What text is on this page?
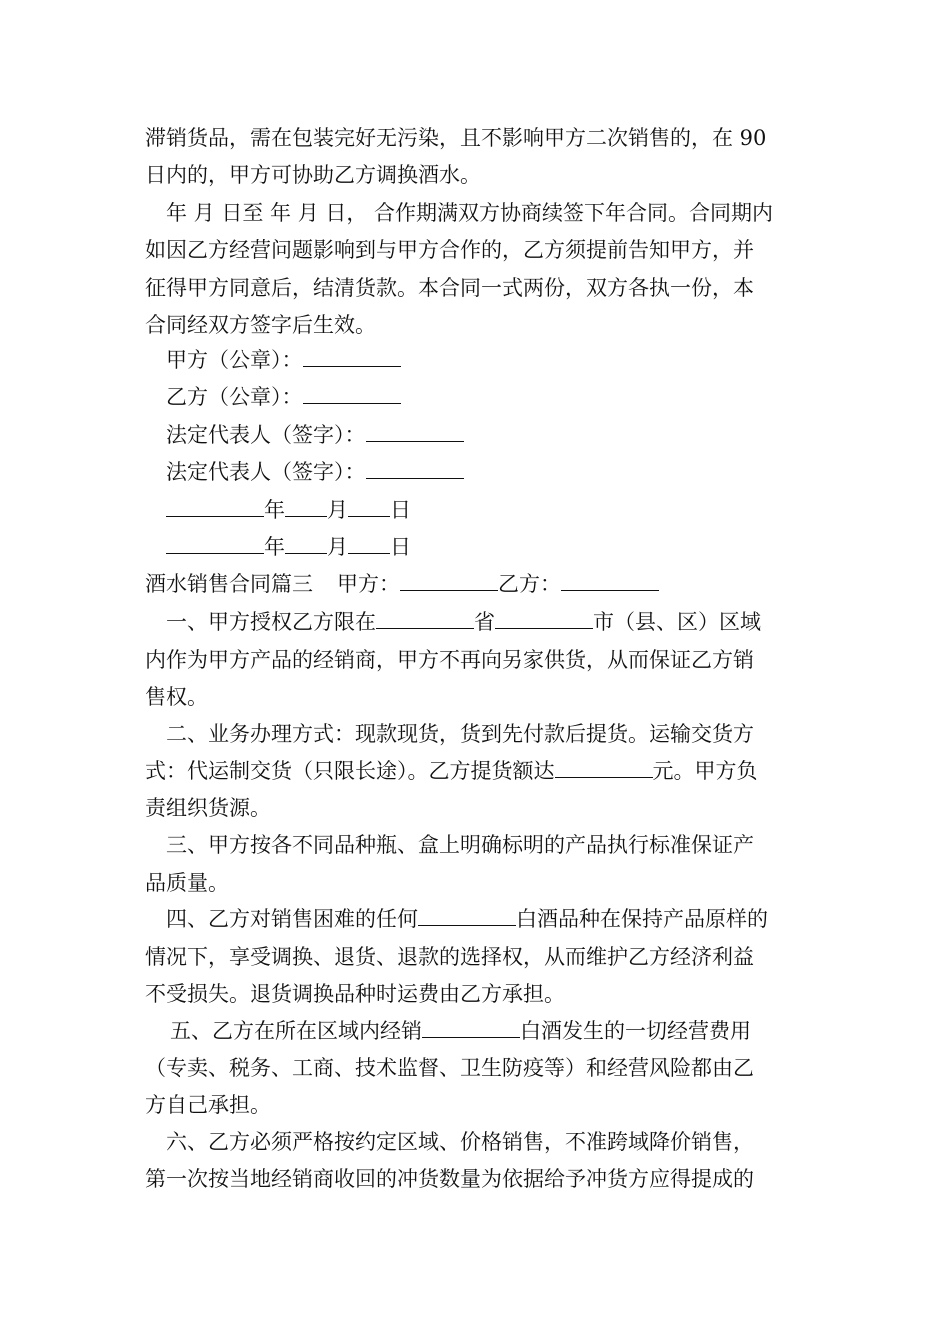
滞销货品，需在包装完好无污染，且不影响甲方二次销售的，在 90
日内的，甲方可协助乙方调换酒水。
年 月 日至 年 月 日， 合作期满双方协商续签下年合同。合同期内
如因乙方经营问题影响到与甲方合作的，乙方须提前告知甲方，并
征得甲方同意后，结清货款。本合同一式两份，双方各执一份，本
合同经双方签字后生效。
甲方（公章）：
乙方（公章）：
法定代表人（签字）：
法定代表人（签字）：
年 月 日
年 月 日
酒水销售合同篇三 甲方：	乙方：
一、甲方授权乙方限在	省	市（县、区）区域
内作为甲方产品的经销商，甲方不再向另家供货，从而保证乙方销
售权。
二、业务办理方式：现款现货，货到先付款后提货。运输交货方
式：代运制交货（只限长途）。乙方提货额达	元。甲方负
责组织货源。
三、甲方按各不同品种瓶、盒上明确标明的产品执行标准保证产
品质量。
四、乙方对销售困难的任何	白酒品种在保持产品原样的
情况下，享受调换、退货、退款的选择权，从而维护乙方经济利益
不受损失。退货调换品种时运费由乙方承担。
五、乙方在所在区域内经销	白酒发生的一切经营费用
（专卖、税务、工商、技术监督、卫生防疫等）和经营风险都由乙
方自己承担。
六、乙方必须严格按约定区域、价格销售，不准跨域降价销售，
第一次按当地经销商收回的冲货数量为依据给予冲货方应得提成的
